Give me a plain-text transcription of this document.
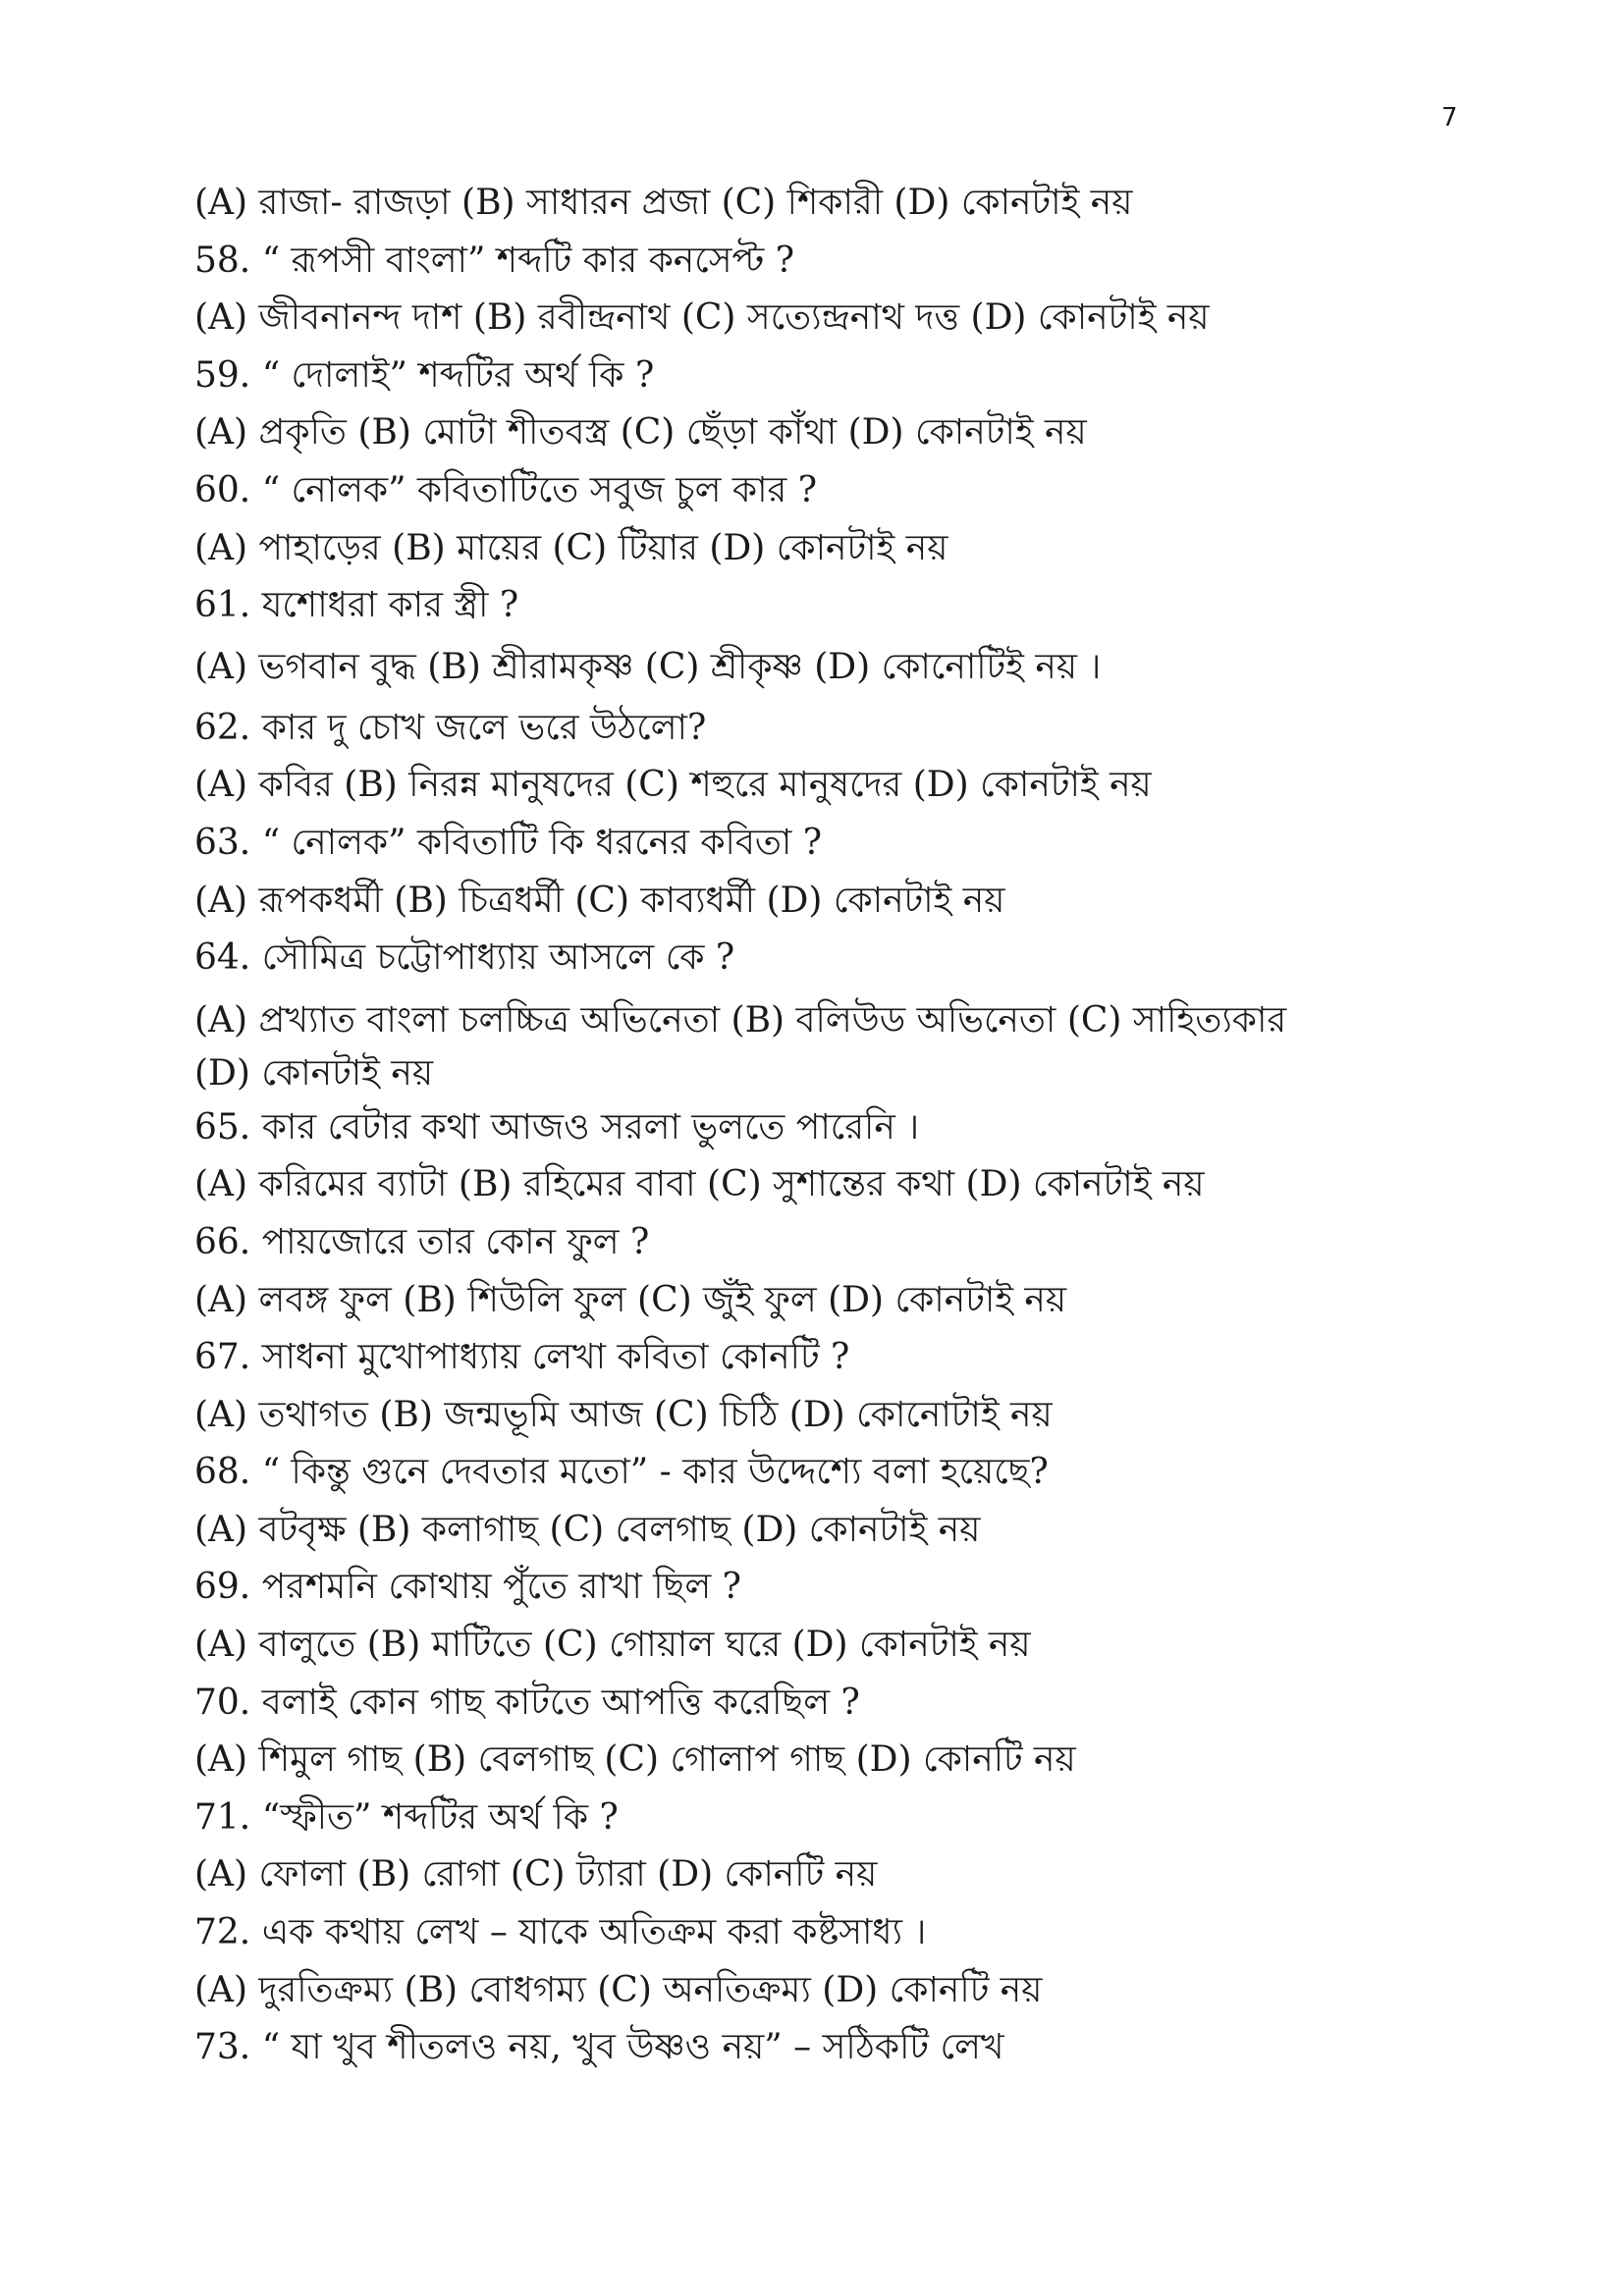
7
(A) রাজা- রাজড়া (B) সাধারন প্রজা (C) শিকারী (D) কোনটাই নয়
58. “ রূপসী বাংলা” শব্দটি কার কনসেপ্ট ?
(A) জীবনানন্দ দাশ (B) রবীন্দ্রনাথ (C) সত্যেন্দ্রনাথ দত্ত (D) কোনটাই নয়
59. “ দোলাই” শব্দটির অর্থ কি ?
(A) প্রকৃতি (B) মোটা শীতবস্ত্র (C) ছেঁড়া কাঁথা (D) কোনটাই নয়
60. “ নোলক” কবিতাটিতে সবুজ চুল কার ?
(A) পাহাড়ের (B) মায়ের (C) টিয়ার (D) কোনটাই নয়
61. যশোধরা কার স্ত্রী ?
(A) ভগবান বুদ্ধ (B) শ্রীরামকৃষ্ণ (C) শ্রীকৃষ্ণ (D) কোনোটিই নয় ।
62. কার দু চোখ জলে ভরে উঠলো?
(A) কবির (B) নিরন্ন মানুষদের (C) শহুরে মানুষদের (D) কোনটাই নয়
63. “ নোলক” কবিতাটি কি ধরনের কবিতা ?
(A) রূপকধর্মী (B) চিত্রধর্মী (C) কাব্যধর্মী (D) কোনটাই নয়
64. সৌমিত্র চট্টোপাধ্যায় আসলে কে ?
(A) প্রখ্যাত বাংলা চলচ্চিত্র অভিনেতা (B) বলিউড অভিনেতা (C) সাহিত্যকার
(D) কোনটাই নয়
65. কার বেটার কথা আজও সরলা ভুলতে পারেনি ।
(A) করিমের ব্যাটা (B) রহিমের বাবা (C) সুশান্তের কথা (D) কোনটাই নয়
66. পায়জোরে তার কোন ফুল ?
(A) লবঙ্গ ফুল (B) শিউলি ফুল (C) জুঁই ফুল (D) কোনটাই নয়
67. সাধনা মুখোপাধ্যায় লেখা কবিতা কোনটি ?
(A) তথাগত (B) জন্মভূমি আজ (C) চিঠি (D) কোনোটাই নয়
68. “ কিন্তু গুনে দেবতার মতো” - কার উদ্দেশ্যে বলা হয়েছে?
(A) বটবৃক্ষ (B) কলাগাছ (C) বেলগাছ (D) কোনটাই নয়
69. পরশমনি কোথায় পুঁতে রাখা ছিল ?
(A) বালুতে (B) মাটিতে (C) গোয়াল ঘরে (D) কোনটাই নয়
70. বলাই কোন গাছ কাটতে আপত্তি করেছিল ?
(A) শিমুল গাছ (B) বেলগাছ (C) গোলাপ গাছ (D) কোনটি নয়
71. “স্ফীত” শব্দটির অর্থ কি ?
(A) ফোলা (B) রোগা (C) ট্যারা (D) কোনটি নয়
72. এক কথায় লেখ – যাকে অতিক্রম করা কষ্টসাধ্য ।
(A) দুরতিক্রম্য (B) বোধগম্য (C) অনতিক্রম্য (D) কোনটি নয়
73. “ যা খুব শীতলও নয়, খুব উষ্ণও নয়” – সঠিকটি লেখ
